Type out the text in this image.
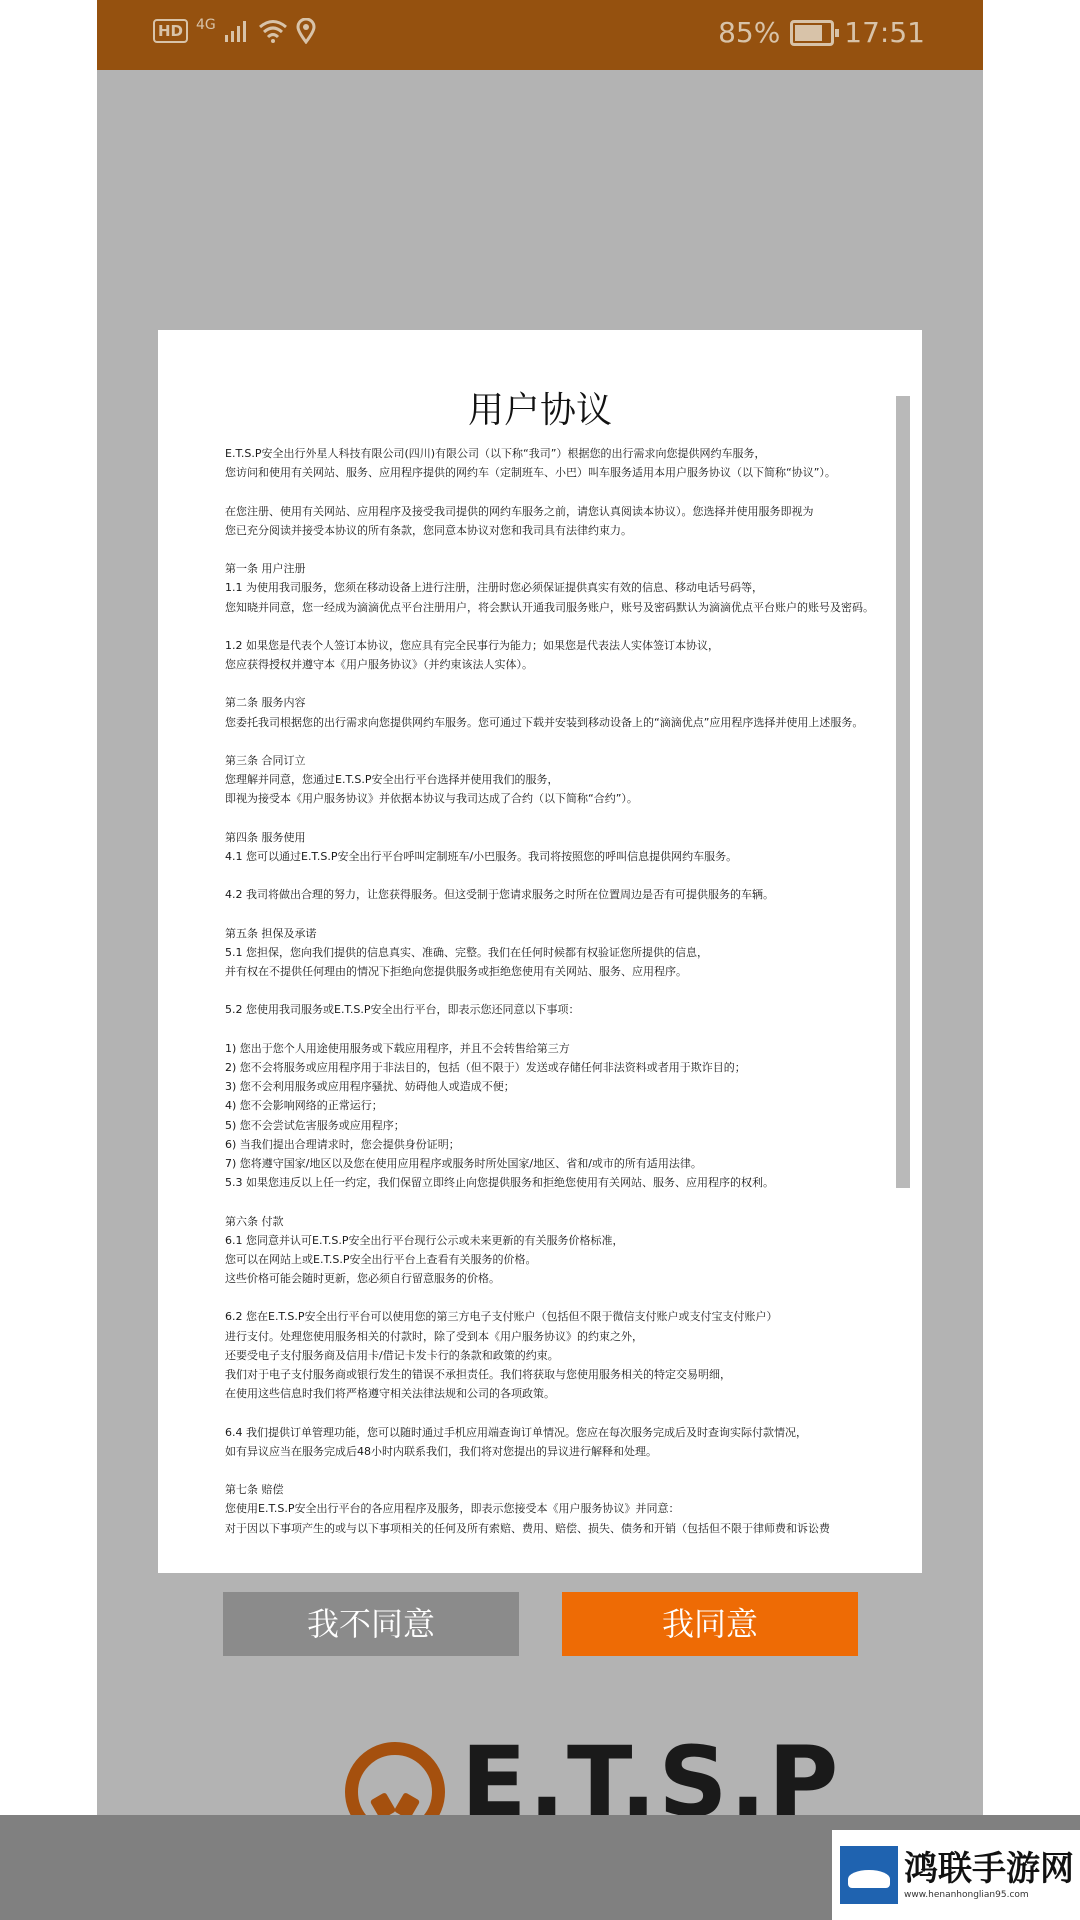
HD 4G	85% 17:51
用户协议
E.T.S.P安全出行外星人科技有限公司(四川)有限公司（以下称“我司”）根据您的出行需求向您提供网约车服务，
您访问和使用有关网站、服务、应用程序提供的网约车（定制班车、小巴）叫车服务适用本用户服务协议（以下简称“协议”）。
在您注册、使用有关网站、应用程序及接受我司提供的网约车服务之前，请您认真阅读本协议）。您选择并使用服务即视为
您已充分阅读并接受本协议的所有条款，您同意本协议对您和我司具有法律约束力。
第一条 用户注册
1.1 为使用我司服务，您须在移动设备上进行注册，注册时您必须保证提供真实有效的信息、移动电话号码等，
您知晓并同意，您一经成为滴滴优点平台注册用户，将会默认开通我司服务账户，账号及密码默认为滴滴优点平台账户的账号及密码。
1.2 如果您是代表个人签订本协议，您应具有完全民事行为能力；如果您是代表法人实体签订本协议，
您应获得授权并遵守本《用户服务协议》（并约束该法人实体）。
第二条 服务内容
您委托我司根据您的出行需求向您提供网约车服务。您可通过下载并安装到移动设备上的“滴滴优点”应用程序选择并使用上述服务。
第三条 合同订立
您理解并同意，您通过E.T.S.P安全出行平台选择并使用我们的服务，
即视为接受本《用户服务协议》并依据本协议与我司达成了合约（以下简称“合约”）。
第四条 服务使用
4.1 您可以通过E.T.S.P安全出行平台呼叫定制班车/小巴服务。我司将按照您的呼叫信息提供网约车服务。
4.2 我司将做出合理的努力，让您获得服务。但这受制于您请求服务之时所在位置周边是否有可提供服务的车辆。
第五条 担保及承诺
5.1 您担保，您向我们提供的信息真实、准确、完整。我们在任何时候都有权验证您所提供的信息，
并有权在不提供任何理由的情况下拒绝向您提供服务或拒绝您使用有关网站、服务、应用程序。
5.2 您使用我司服务或E.T.S.P安全出行平台，即表示您还同意以下事项：
1) 您出于您个人用途使用服务或下载应用程序，并且不会转售给第三方
2) 您不会将服务或应用程序用于非法目的，包括（但不限于）发送或存储任何非法资料或者用于欺诈目的；
3) 您不会利用服务或应用程序骚扰、妨碍他人或造成不便；
4) 您不会影响网络的正常运行；
5) 您不会尝试危害服务或应用程序；
6) 当我们提出合理请求时，您会提供身份证明；
7) 您将遵守国家/地区以及您在使用应用程序或服务时所处国家/地区、省和/或市的所有适用法律。
5.3 如果您违反以上任一约定，我们保留立即终止向您提供服务和拒绝您使用有关网站、服务、应用程序的权利。
第六条 付款
6.1 您同意并认可E.T.S.P安全出行平台现行公示或未来更新的有关服务价格标准，
您可以在网站上或E.T.S.P安全出行平台上查看有关服务的价格。
这些价格可能会随时更新，您必须自行留意服务的价格。
6.2 您在E.T.S.P安全出行平台可以使用您的第三方电子支付账户（包括但不限于微信支付账户或支付宝支付账户）
进行支付。处理您使用服务相关的付款时，除了受到本《用户服务协议》的约束之外，
还要受电子支付服务商及信用卡/借记卡发卡行的条款和政策的约束。
我们对于电子支付服务商或银行发生的错误不承担责任。我们将获取与您使用服务相关的特定交易明细，
在使用这些信息时我们将严格遵守相关法律法规和公司的各项政策。
6.4 我们提供订单管理功能，您可以随时通过手机应用端查询订单情况。您应在每次服务完成后及时查询实际付款情况，
如有异议应当在服务完成后48小时内联系我们，我们将对您提出的异议进行解释和处理。
第七条 赔偿
您使用E.T.S.P安全出行平台的各应用程序及服务，即表示您接受本《用户服务协议》并同意：
对于因以下事项产生的或与以下事项相关的任何及所有索赔、费用、赔偿、损失、债务和开销（包括但不限于律师费和诉讼费
我不同意	我同意
E.T.S.P
鸿联手游网
www.henanhonglian95.com
